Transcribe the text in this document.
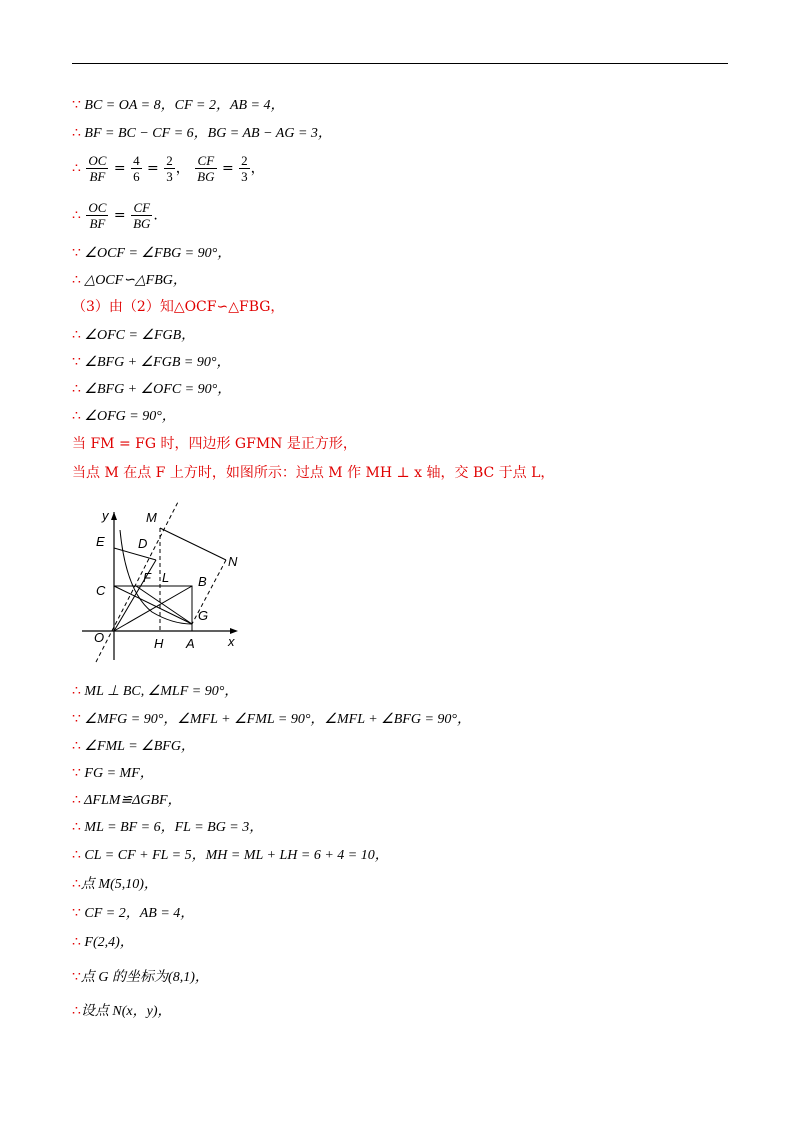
∵ BC = OA = 8，CF = 2，AB = 4，
∴ BF = BC − CF = 6，BG = AB − AG = 3，
∴ $\frac{OC}{BF} = \frac{4}{6} = \frac{2}{3}$ ， $\frac{CF}{BG} = \frac{2}{3}$ ，
∴ $\frac{OC}{BF} = \frac{CF}{BG}$ .
∵ ∠OCF = ∠FBG = 90°，
∴ △OCF∽△FBG，
（3）由（2）知△OCF∽△FBG，
∴ ∠OFC = ∠FGB，
∵ ∠BFG + ∠FGB = 90°，
∴ ∠BFG + ∠OFC = 90°，
∴ ∠OFG = 90°，
当 FM = FG 时，四边形 GFMN 是正方形，
当点 M 在点 F 上方时，如图所示：过点 M 作 MH ⊥ x 轴，交 BC 于点 L，
y
x
M
N
E	D
C
F L B
G
O	H A
∴ ML ⊥ BC, ∠MLF = 90°，
∵ ∠MFG = 90°，∠MFL + ∠FML = 90°，∠MFL + ∠BFG = 90°，
∴ ∠FML = ∠BFG，
∵ FG = MF，
∴ ΔFLM≌ΔGBF，
∴ ML = BF = 6，FL = BG = 3，
∴ CL = CF + FL = 5，MH = ML + LH = 6 + 4 = 10，
∴点 M(5,10)，
∵ CF = 2，AB = 4，
∴ F(2,4)，
∵点 G 的坐标为(8,1)，
∴设点 N(x，y)，
